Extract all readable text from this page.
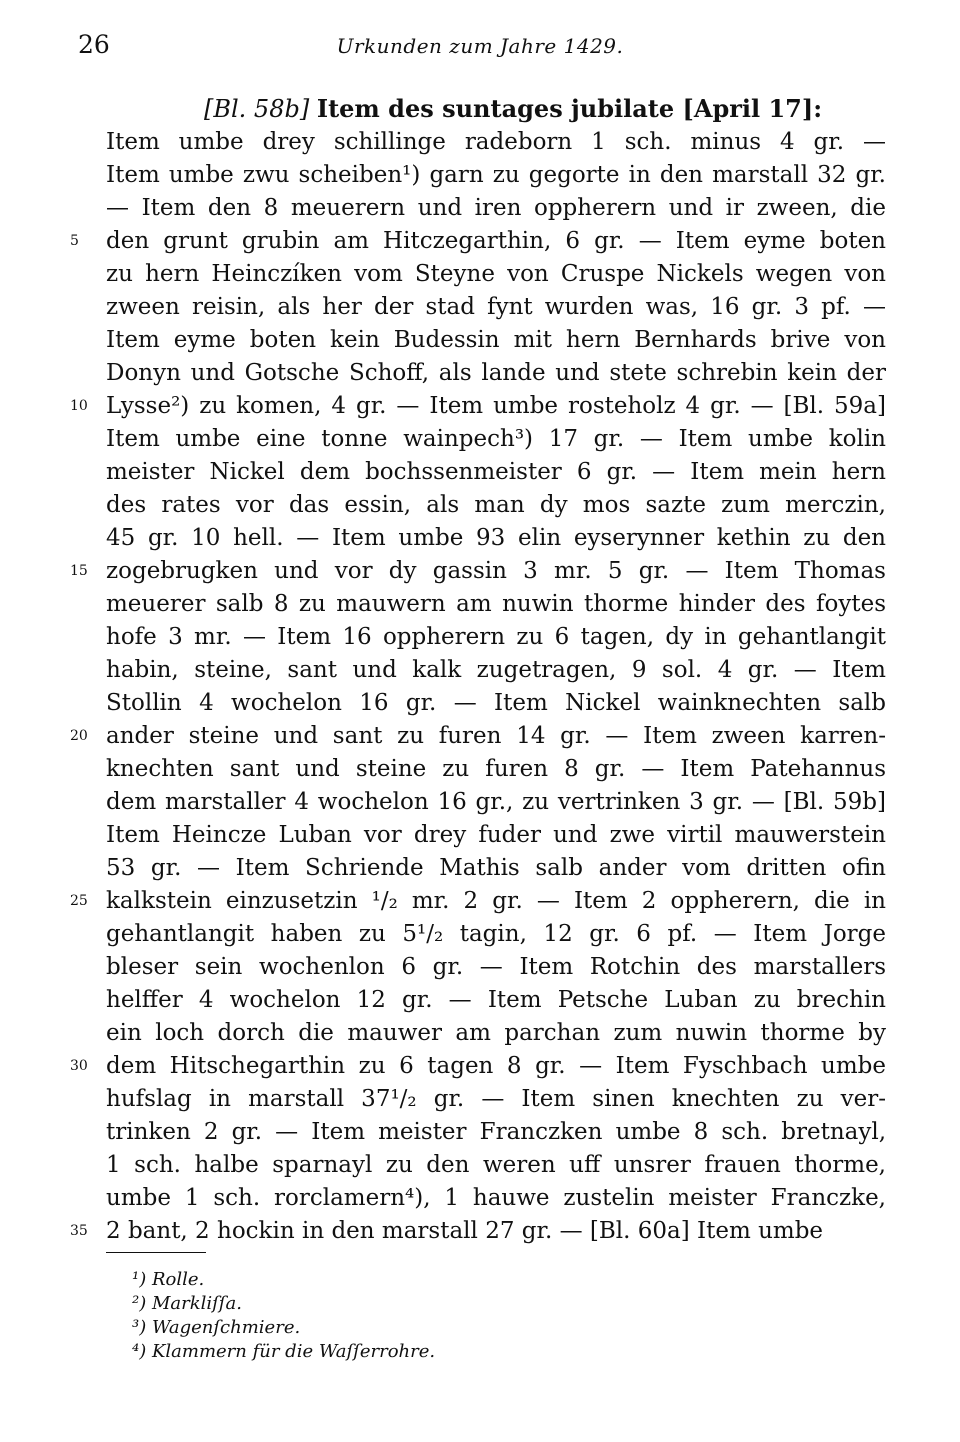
26	Urkunden zum Jahre 1429.
[Bl. 58b] Item des suntages jubilate [April 17]:
Item umbe drey schillinge radeborn 1 sch. minus 4 gr. —
Item umbe zwu scheiben¹) garn zu gegorte in den marstall 32 gr.
— Item den 8 meuerern und iren oppherern und ir zween, die
den grunt grubin am Hitczegarthin, 6 gr. — Item eyme boten
zu hern Heinczíken vom Steyne von Cruspe Nickels wegen von
zween reisin, als her der stad fynt wurden was, 16 gr. 3 pf. —
Item eyme boten kein Budessin mit hern Bernhards brive von
Donyn und Gotsche Schoff, als lande und stete schrebin kein der
Lysse²) zu komen, 4 gr. — Item umbe rosteholz 4 gr. — [Bl. 59a]
Item umbe eine tonne wainpech³) 17 gr. — Item umbe kolin
meister Nickel dem bochssenmeister 6 gr. — Item mein hern
des rates vor das essin, als man dy mos sazte zum merczin,
45 gr. 10 hell. — Item umbe 93 elin eyserynner kethin zu den
zogebrugken und vor dy gassin 3 mr. 5 gr. — Item Thomas
meuerer salb 8 zu mauwern am nuwin thorme hinder des foytes
hofe 3 mr. — Item 16 oppherern zu 6 tagen, dy in gehantlangit
habin, steine, sant und kalk zugetragen, 9 sol. 4 gr. — Item
Stollin 4 wochelon 16 gr. — Item Nickel wainknechten salb
ander steine und sant zu furen 14 gr. — Item zween karren-
knechten sant und steine zu furen 8 gr. — Item Patehannus
dem marstaller 4 wochelon 16 gr., zu vertrinken 3 gr. — [Bl. 59b]
Item Heincze Luban vor drey fuder und zwe virtil mauwerstein
53 gr. — Item Schriende Mathis salb ander vom dritten ofin
kalkstein einzusetzin ¹/₂ mr. 2 gr. — Item 2 oppherern, die in
gehantlangit haben zu 5¹/₂ tagin, 12 gr. 6 pf. — Item Jorge
bleser sein wochenlon 6 gr. — Item Rotchin des marstallers
helffer 4 wochelon 12 gr. — Item Petsche Luban zu brechin
ein loch dorch die mauwer am parchan zum nuwin thorme by
dem Hitschegarthin zu 6 tagen 8 gr. — Item Fyschbach umbe
hufslag in marstall 37¹/₂ gr. — Item sinen knechten zu ver-
trinken 2 gr. — Item meister Franczken umbe 8 sch. bretnayl,
1 sch. halbe sparnayl zu den weren uff unsrer frauen thorme,
umbe 1 sch. rorclamern⁴), 1 hauwe zustelin meister Franczke,
2 bant, 2 hockin in den marstall 27 gr. — [Bl. 60a] Item umbe
5
10
15
20
25
30
35
¹) Rolle.
²) Markliſſa.
³) Wagenſchmiere.
⁴) Klammern für die Waſſerrohre.
